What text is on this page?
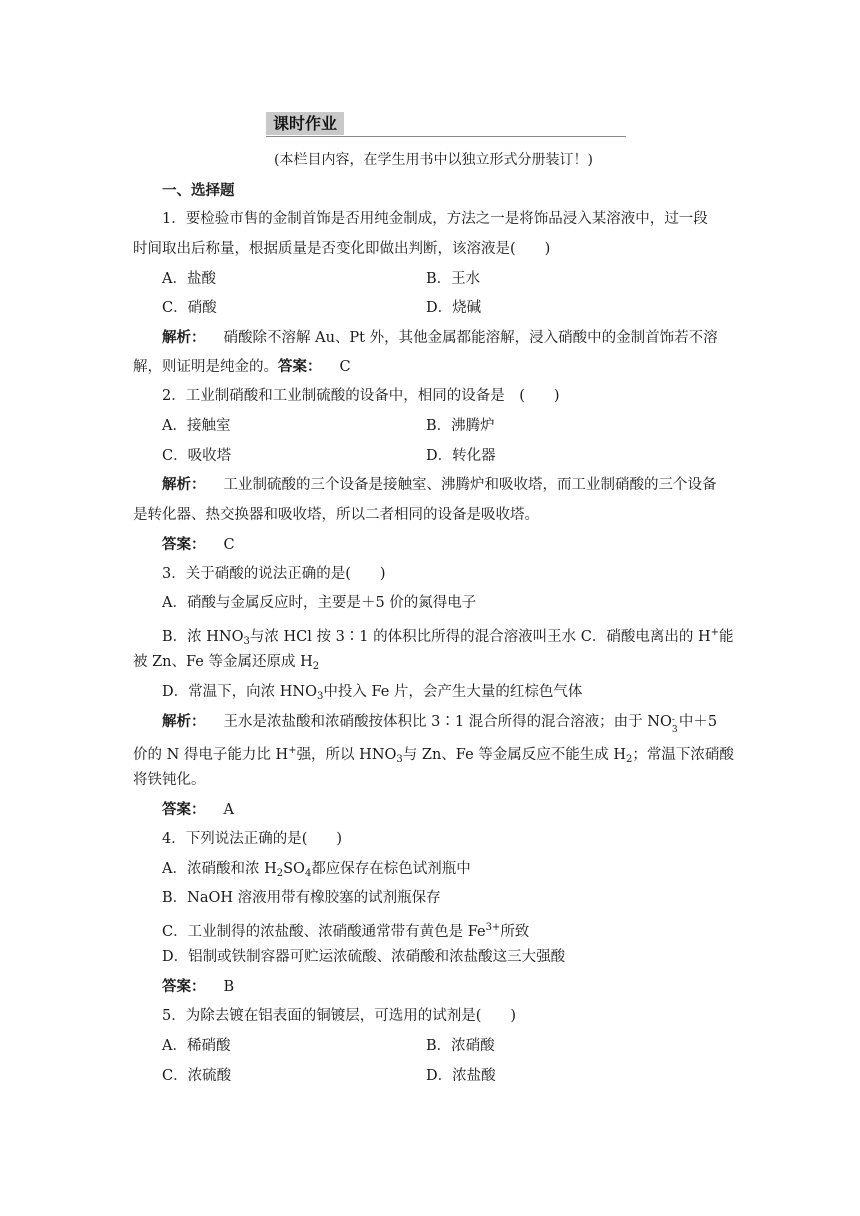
课时作业
(本栏目内容，在学生用书中以独立形式分册装订！)
一、选择题
1．要检验市售的金制首饰是否用纯金制成，方法之一是将饰品浸入某溶液中，过一段
时间取出后称量，根据质量是否变化即做出判断，该溶液是(　　)
A．盐酸	B．王水
C．硝酸	D．烧碱
解析： 硝酸除不溶解 Au、Pt 外，其他金属都能溶解，浸入硝酸中的金制首饰若不溶
解，则证明是纯金的。答案： C
2．工业制硝酸和工业制硫酸的设备中，相同的设备是　(　　)
A．接触室	B．沸腾炉
C．吸收塔	D．转化器
解析： 工业制硫酸的三个设备是接触室、沸腾炉和吸收塔，而工业制硝酸的三个设备
是转化器、热交换器和吸收塔，所以二者相同的设备是吸收塔。
答案： C
3．关于硝酸的说法正确的是(　　)
A．硝酸与金属反应时，主要是＋5 价的氮得电子
B．浓 $HNO_3$与浓 HCl 按 3∶1 的体积比所得的混合溶液叫王水 C．硝酸电离出的 H+能
被 Zn、Fe 等金属还原成 $H_2$
D．常温下，向浓 $HNO_3$中投入 Fe 片，会产生大量的红棕色气体
解析： 王水是浓盐酸和浓硝酸按体积比 3∶1 混合所得的混合溶液；由于 NO -
3 中＋5
价的 N 得电子能力比 H+强，所以 $HNO_3$与 Zn、Fe 等金属反应不能生成 $H_2$；常温下浓硝酸
将铁钝化。
答案： A
4．下列说法正确的是(　　)
A．浓硝酸和浓 $H_2SO_4$都应保存在棕色试剂瓶中
B．NaOH 溶液用带有橡胶塞的试剂瓶保存
C．工业制得的浓盐酸、浓硝酸通常带有黄色是 $Fe^{3+}$所致
D．铝制或铁制容器可贮运浓硫酸、浓硝酸和浓盐酸这三大强酸
答案： B
5．为除去镀在铝表面的铜镀层，可选用的试剂是(　　)
A．稀硝酸	B．浓硝酸
C．浓硫酸	D．浓盐酸
